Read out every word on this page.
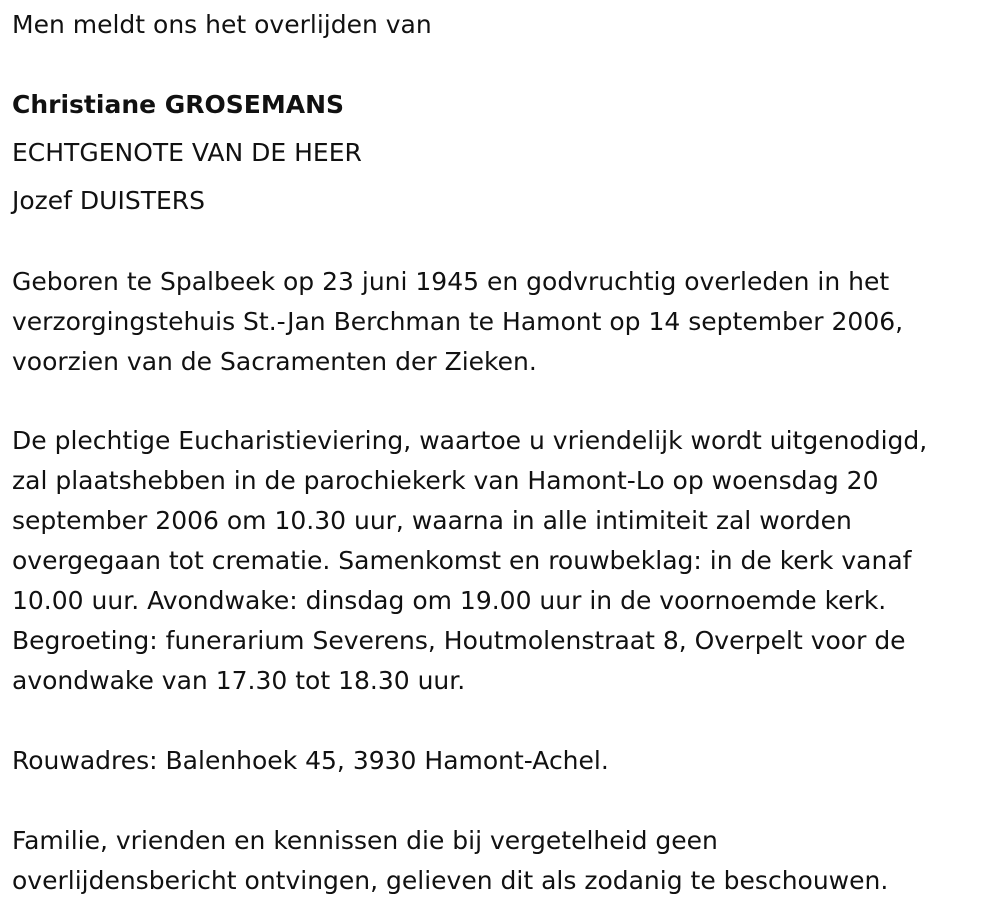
Men meldt ons het overlijden van
Christiane GROSEMANS
ECHTGENOTE VAN DE HEER
Jozef DUISTERS
Geboren te Spalbeek op 23 juni 1945 en godvruchtig overleden in het
verzorgingstehuis St.-Jan Berchman te Hamont op 14 september 2006,
voorzien van de Sacramenten der Zieken.
De plechtige Eucharistieviering, waartoe u vriendelijk wordt uitgenodigd,
zal plaatshebben in de parochiekerk van Hamont-Lo op woensdag 20
september 2006 om 10.30 uur, waarna in alle intimiteit zal worden
overgegaan tot crematie. Samenkomst en rouwbeklag: in de kerk vanaf
10.00 uur. Avondwake: dinsdag om 19.00 uur in de voornoemde kerk.
Begroeting: funerarium Severens, Houtmolenstraat 8, Overpelt voor de
avondwake van 17.30 tot 18.30 uur.
Rouwadres: Balenhoek 45, 3930 Hamont-Achel.
Familie, vrienden en kennissen die bij vergetelheid geen
overlijdensbericht ontvingen, gelieven dit als zodanig te beschouwen.
